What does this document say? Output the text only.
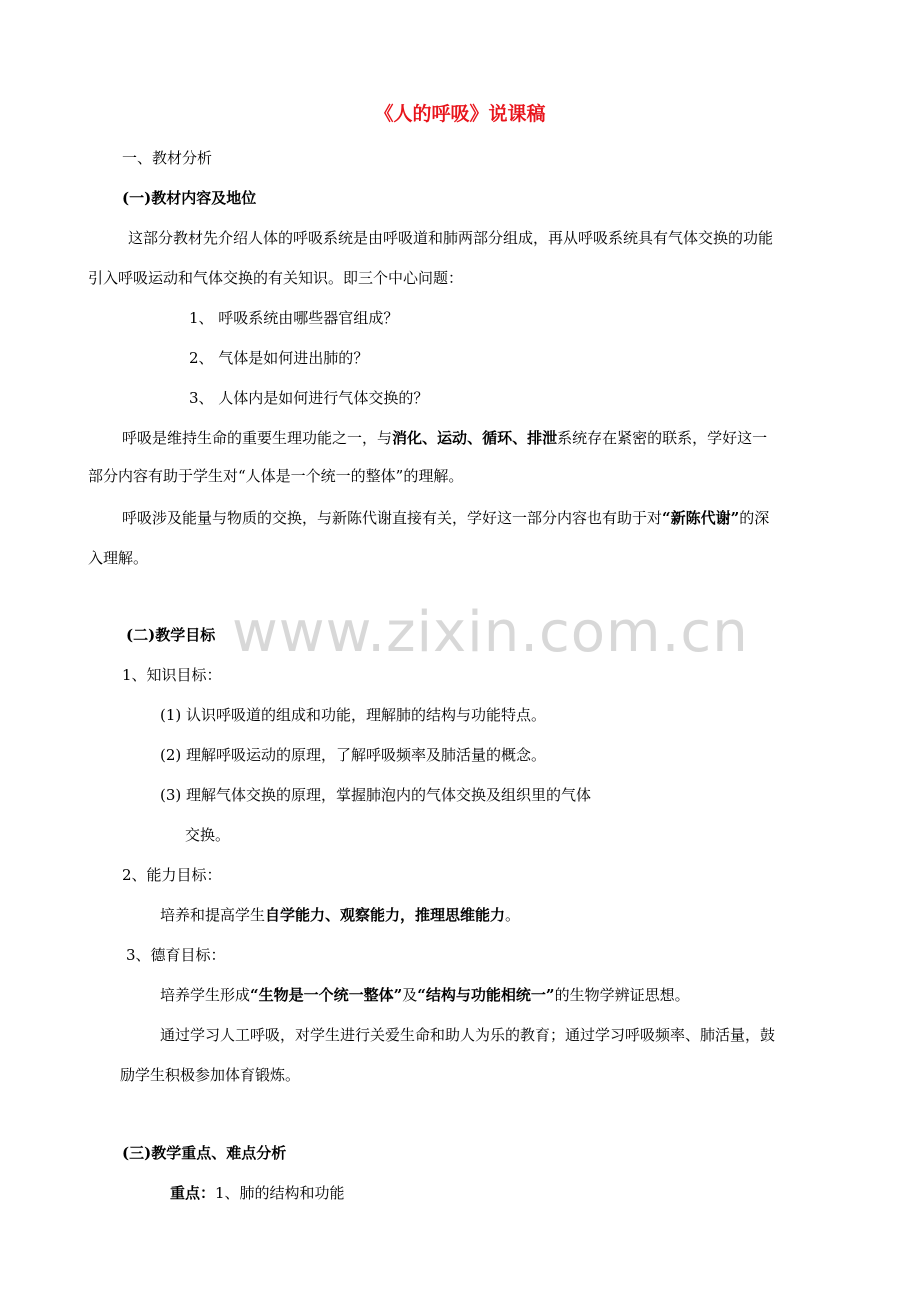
《人的呼吸》说课稿
一、教材分析
(一)教材内容及地位
这部分教材先介绍人体的呼吸系统是由呼吸道和肺两部分组成，再从呼吸系统具有气体交换的功能
引入呼吸运动和气体交换的有关知识。即三个中心问题：
1、 呼吸系统由哪些器官组成？
2、 气体是如何进出肺的？
3、 人体内是如何进行气体交换的？
呼吸是维持生命的重要生理功能之一，与消化、运动、循环、排泄系统存在紧密的联系，学好这一
部分内容有助于学生对“人体是一个统一的整体”的理解。
呼吸涉及能量与物质的交换，与新陈代谢直接有关，学好这一部分内容也有助于对“新陈代谢”的深
入理解。
www.zixin.com.cn
(二)教学目标
1、知识目标：
(1) 认识呼吸道的组成和功能，理解肺的结构与功能特点。
(2) 理解呼吸运动的原理，了解呼吸频率及肺活量的概念。
(3) 理解气体交换的原理，掌握肺泡内的气体交换及组织里的气体
交换。
2、能力目标：
培养和提高学生自学能力、观察能力，推理思维能力。
3、德育目标：
培养学生形成“生物是一个统一整体”及“结构与功能相统一”的生物学辨证思想。
通过学习人工呼吸，对学生进行关爱生命和助人为乐的教育；通过学习呼吸频率、肺活量，鼓
励学生积极参加体育锻炼。
(三)教学重点、难点分析
重点：1、肺的结构和功能
